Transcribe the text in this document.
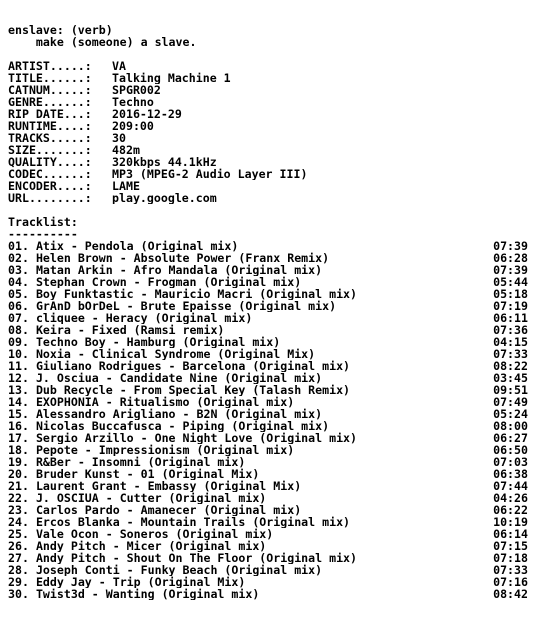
enslave: (verb)
make (someone) a slave.
ARTIST.....:	VA
TITLE......:	Talking Machine 1
CATNUM.....:	SPGR002
GENRE......:	Techno
RIP DATE...:	2016-12-29
RUNTIME....:	209:00
TRACKS.....:	30
SIZE.......:	482m
QUALITY....:	320kbps 44.1kHz
CODEC......:	MP3 (MPEG-2 Audio Layer III)
ENCODER....:	LAME
URL........:	play.google.com
Tracklist:
----------
01. Atix - Pendola (Original mix)	07:39
02. Helen Brown - Absolute Power (Franx Remix)	06:28
03. Matan Arkin - Afro Mandala (Original mix)	07:39
04. Stephan Crown - Frogman (Original mix)	05:44
05. Boy Funktastic - Mauricio Macri (Original mix)	05:18
06. GrAnD bOrDeL - Brute Epaisse (Original mix)	07:19
07. cliquee - Heracy (Original mix)	06:11
08. Keira - Fixed (Ramsi remix)	07:36
09. Techno Boy - Hamburg (Original mix)	04:15
10. Noxia - Clinical Syndrome (Original Mix)	07:33
11. Giuliano Rodrigues - Barcelona (Original mix)	08:22
12. J. Osciua - Candidate Nine (Original mix)	03:45
13. Dub Recycle - From Special Key (Talash Remix)	09:51
14. EXOPHONIA - Ritualismo (Original mix)	07:49
15. Alessandro Arigliano - B2N (Original mix)	05:24
16. Nicolas Buccafusca - Piping (Original mix)	08:00
17. Sergio Arzillo - One Night Love (Original mix)	06:27
18. Pepote - Impressionism (Original mix)	06:50
19. R&Ber - Insomni (Original mix)	07:03
20. Bruder Kunst - 01 (Original Mix)	06:38
21. Laurent Grant - Embassy (Original Mix)	07:44
22. J. OSCIUA - Cutter (Original mix)	04:26
23. Carlos Pardo - Amanecer (Original mix)	06:22
24. Ercos Blanka - Mountain Trails (Original mix)	10:19
25. Vale Ocon - Soneros (Original mix)	06:14
26. Andy Pitch - Micer (Original mix)	07:15
27. Andy Pitch - Shout On The Floor (Original mix)	07:18
28. Joseph Conti - Funky Beach (Original mix)	07:33
29. Eddy Jay - Trip (Original Mix)	07:16
30. Twist3d - Wanting (Original mix)	08:42
